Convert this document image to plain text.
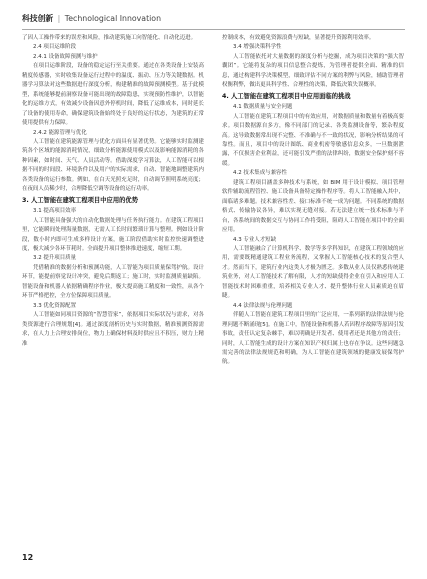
科技创新 | Technological Innovation

了因人工操作带来的误差和风险，推动建筑施工向智能化、自动化迈进。

2.4 项目运维阶段

2.4.1 设备故障预测与维护

在项目运维阶段，设备的稳定运行至关重要。通过在各类设备上安装高精度传感器，实时收集设备运行过程中的温度、振动、压力等关键数据。机器学习算法对这些数据进行深度分析，构建精准的故障预测模型。基于此模型，系统能够提前洞察设备可能出现的故障隐患，实现预防性维护，以智能化的运维方式，有效减少设备因意外停机时间，降低了运维成本，同时延长了设备的使用寿命，确保建筑设备始终处于良好的运行状态，为建筑的正常使用提供有力保障。

2.4.2 能源管理与优化

人工智能在建筑能源管理与优化方面具有显著优势。它能够实时监测建筑各个区域的能源消耗情况，细致分析能源使用模式以及影响能源消耗的各种因素，如时间、天气、人员活动等。借助深度学习算法，人工智能可以根据不同的时间段、环境条件以及用户的实际需求，自动、智能地调整建筑内各类设备的运行参数。例如，在白天光照充足时，自动调节照明系统亮度；在夜间人员稀少时，合理降低空调等设备的运行功率。

3. 人工智能在建筑工程项目中应用的优势

3.1 提高项目效率

人工智能具备强大的自动化数据处理与任务执行能力。在建筑工程项目里，它能瞬间处理海量数据，无需人工长时间繁琐计算与整理。例如设计阶段，数小时内即可生成多样设计方案，施工阶段借助实时监控快速调整进度，极大减少各环节耗时。全面提升项目整体推进速度，缩短工期。

3.2 提升项目质量

凭借精准的数据分析和预测功能，人工智能为项目质量保驾护航。设计环节，能提前察觉设计冲突，避免后期返工；施工时，实时监测质量缺陷。智能设备和机器人依据精确程序作业，极大提高施工精度和一致性，从各个环节严格把控，全方位保障项目质量。

3.3 优化资源配置

人工智能如同项目资源的“智慧管家”，依据项目实际状况与需求，对各类资源进行合理规划[4]。通过深度剖析历史与实时数据，精准预测资源需求，在人力上合理安排岗位，物力上确保材料及时供应且不积压，财力上精准

控制成本，有效避免资源浪费与短缺，显著提升资源利用效率。

3.4 增强决策科学性

人工智能依托对大量数据的深度分析与挖掘，成为项目决策的“强大智囊团”。它能将复杂的项目信息整合提炼，为管理者提供全面、精准的信息，通过构建科学决策模型，细致评估不同方案的利弊与风险，辅助管理者权衡利弊，做出更具科学性、合理性的决策，降低决策失误概率。

4. 人工智能在建筑工程项目中应用面临的挑战

4.1 数据质量与安全问题

人工智能在建筑工程项目中的有效应用，对数据质量和数量有着极高要求。项目数据源自多方，像不同部门的记录、各类监测设备等，繁杂程度高。这导致数据常出现不完整、不准确与不一致的状况，影响分析结果的可靠性。而且，项目中的设计图纸、商业机密等敏感信息众多，一旦数据泄露，不仅损害企业利益，还可能引发严重的法律纠纷，数据安全保护刻不容缓。

4.2 技术集成与兼容性

建筑工程项目涵盖多种技术与系统，如 BIM 用于设计模拟、项目管理软件辅助流程管控、施工设备具备特定操作程序等。将人工智能融入其中，面临诸多难题。技术兼容性差、接口标准不统一成为问题。不同系统的数据格式、传输协议各异，难以实现无缝对接。若无法建立统一技术标准与平台，各系统间的数据交互与协同工作将受阻，阻碍人工智能在项目中的全面应用。

4.3 专业人才短缺

人工智能融合了计算机科学、数学等多学科知识，在建筑工程领域的应用，需要既精通建筑工程业务流程，又掌握人工智能核心技术的复合型人才。然而当下，建筑行业内这类人才极为匮乏。多数从业人员仅熟悉传统建筑业务，对人工智能技术了解有限，人才的短缺使得企业在引入和应用人工智能技术时困难重重，培养相关专业人才、提升整体行业人员素质迫在眉睫。

4.4 法律法规与伦理问题

伴随人工智能在建筑工程项目里的广泛应用，一系列新的法律法规与伦理问题不断涌现[5]。在施工中，智能设备和机器人若因程序故障等原因引发事故，责任认定复杂棘手，难以明确是开发者、使用者还是其他方的责任；同时，人工智能生成的设计方案在知识产权归属上也存在争议。这些问题急需完善的法律法规规范和明确，为人工智能在建筑领域的健康发展保驾护航。

12
